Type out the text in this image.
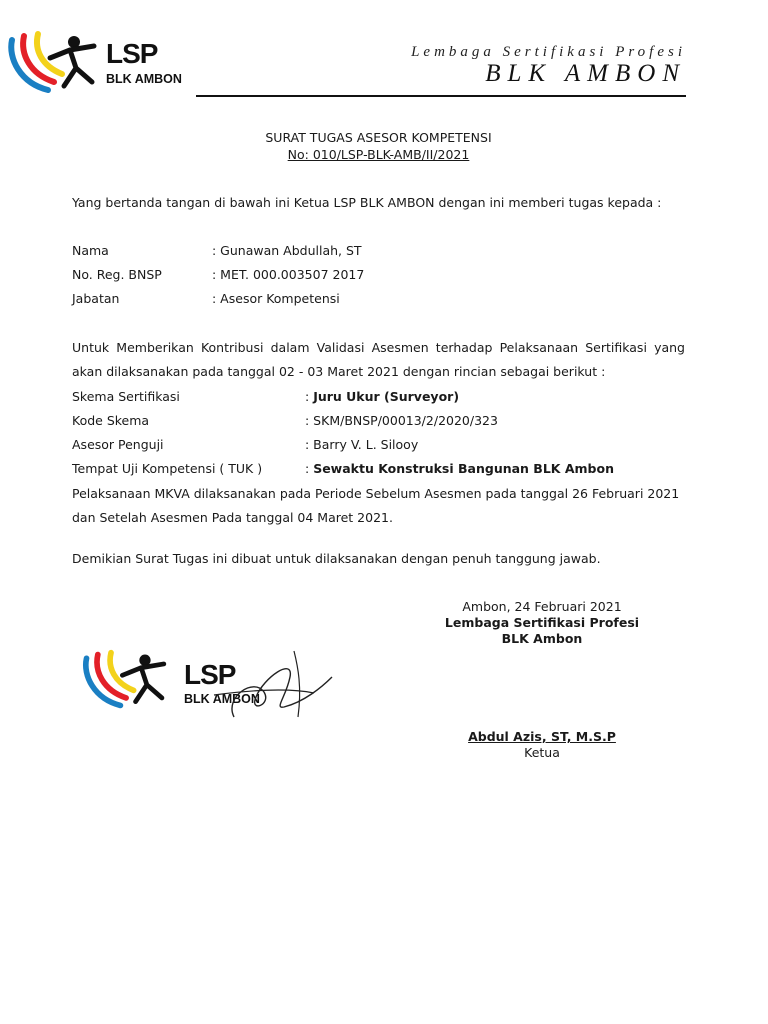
LSP
BLK AMBON
Lembaga Sertifikasi Profesi
BLK AMBON
SURAT TUGAS ASESOR KOMPETENSI
No: 010/LSP-BLK-AMB/II/2021
Yang bertanda tangan di bawah ini Ketua LSP BLK AMBON dengan ini memberi tugas kepada :
Nama	: Gunawan Abdullah, ST
No. Reg. BNSP	: MET. 000.003507 2017
Jabatan	: Asesor Kompetensi
Untuk Memberikan Kontribusi dalam Validasi Asesmen terhadap Pelaksanaan Sertifikasi yang akan dilaksanakan pada tanggal 02 - 03 Maret 2021 dengan rincian sebagai berikut :
Skema Sertifikasi	: Juru Ukur (Surveyor)
Kode Skema	: SKM/BNSP/00013/2/2020/323
Asesor Penguji	: Barry V. L. Silooy
Tempat Uji Kompetensi ( TUK )	: Sewaktu Konstruksi Bangunan BLK Ambon
Pelaksanaan MKVA dilaksanakan pada Periode Sebelum Asesmen pada tanggal 26 Februari 2021
dan Setelah Asesmen Pada tanggal 04 Maret 2021.
Demikian Surat Tugas ini dibuat untuk dilaksanakan dengan penuh tanggung jawab.
Ambon, 24 Februari 2021
Lembaga Sertifikasi Profesi
BLK Ambon
LSP
BLK AMBON
Abdul Azis, ST, M.S.P
Ketua
